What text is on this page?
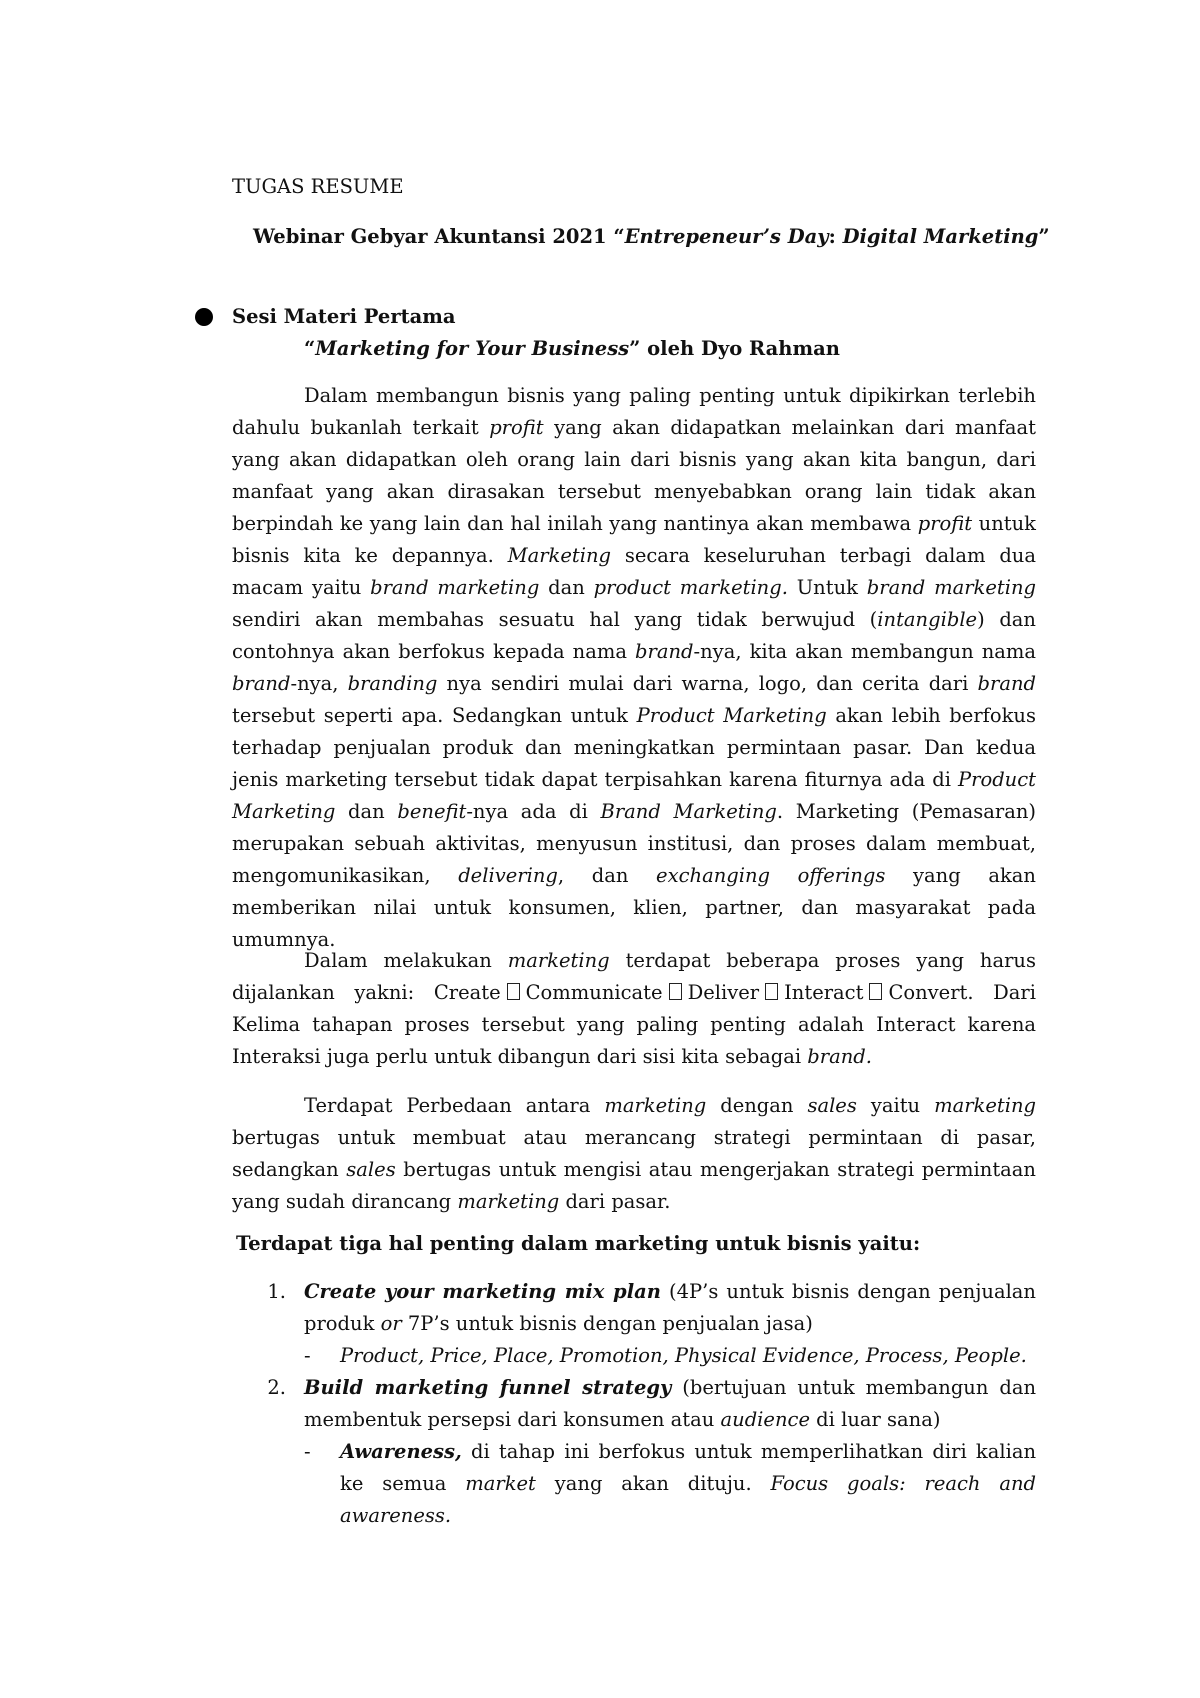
TUGAS RESUME
Webinar Gebyar Akuntansi 2021 “Entrepeneur’s Day: Digital Marketing”
Sesi Materi Pertama
“Marketing for Your Business” oleh Dyo Rahman

Dalam membangun bisnis yang paling penting untuk dipikirkan terlebih dahulu bukanlah terkait profit yang akan didapatkan melainkan dari manfaat yang akan didapatkan oleh orang lain dari bisnis yang akan kita bangun, dari manfaat yang akan dirasakan tersebut menyebabkan orang lain tidak akan berpindah ke yang lain dan hal inilah yang nantinya akan membawa profit untuk bisnis kita ke depannya. Marketing secara keseluruhan terbagi dalam dua macam yaitu brand marketing dan product marketing. Untuk brand marketing sendiri akan membahas sesuatu hal yang tidak berwujud (intangible) dan contohnya akan berfokus kepada nama brand-nya, kita akan membangun nama brand-nya, branding nya sendiri mulai dari warna, logo, dan cerita dari brand tersebut seperti apa. Sedangkan untuk Product Marketing akan lebih berfokus terhadap penjualan produk dan meningkatkan permintaan pasar. Dan kedua jenis marketing tersebut tidak dapat terpisahkan karena fiturnya ada di Product Marketing dan benefit-nya ada di Brand Marketing. Marketing (Pemasaran) merupakan sebuah aktivitas, menyusun institusi, dan proses dalam membuat, mengomunikasikan, delivering, dan exchanging offerings yang akan memberikan nilai untuk konsumen, klien, partner, dan masyarakat pada umumnya.

Dalam melakukan marketing terdapat beberapa proses yang harus dijalankan yakni: Create Communicate Deliver Interact Convert. Dari Kelima tahapan proses tersebut yang paling penting adalah Interact karena Interaksi juga perlu untuk dibangun dari sisi kita sebagai brand.

Terdapat Perbedaan antara marketing dengan sales yaitu marketing bertugas untuk membuat atau merancang strategi permintaan di pasar, sedangkan sales bertugas untuk mengisi atau mengerjakan strategi permintaan yang sudah dirancang marketing dari pasar.

Terdapat tiga hal penting dalam marketing untuk bisnis yaitu:
1. Create your marketing mix plan (4P’s untuk bisnis dengan penjualan produk or 7P’s untuk bisnis dengan penjualan jasa)
- Product, Price, Place, Promotion, Physical Evidence, Process, People.
2. Build marketing funnel strategy (bertujuan untuk membangun dan membentuk persepsi dari konsumen atau audience di luar sana)
- Awareness, di tahap ini berfokus untuk memperlihatkan diri kalian ke semua market yang akan dituju. Focus goals: reach and awareness.
